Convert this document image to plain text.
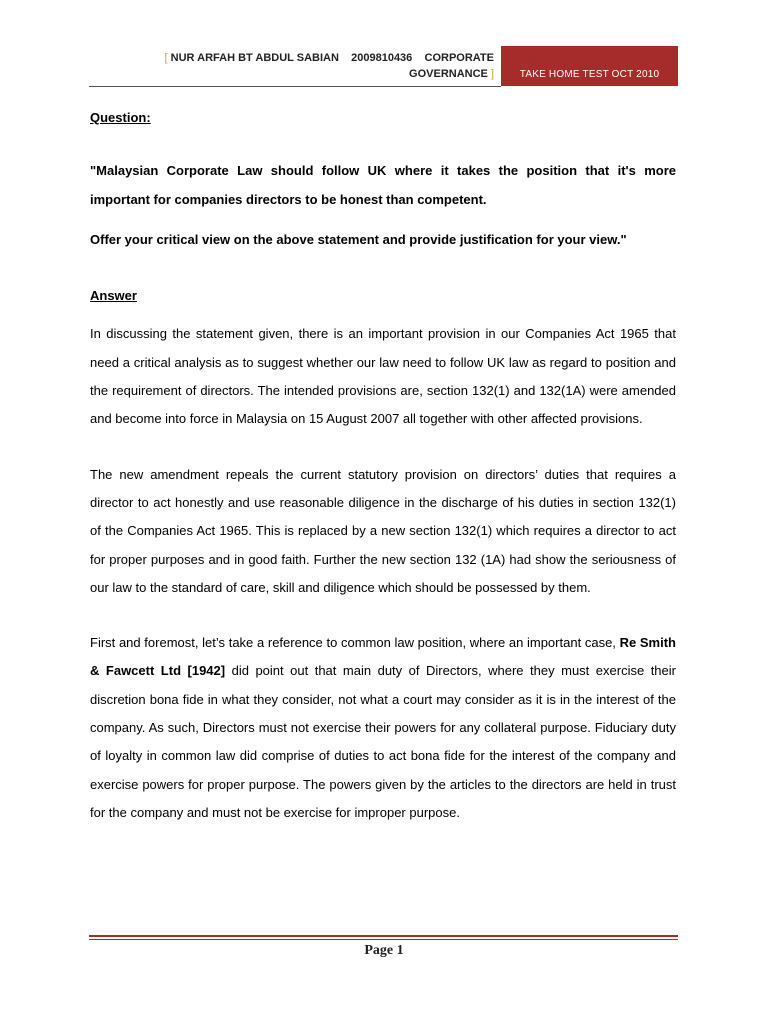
[ NUR ARFAH BT ABDUL SABIAN    2009810436    CORPORATE
GOVERNANCE ]	TAKE HOME TEST OCT 2010

Question:

"Malaysian Corporate Law should follow UK where it takes the position that it's more important for companies directors to be honest than competent.

Offer your critical view on the above statement and provide justification for your view."

Answer

In discussing the statement given, there is an important provision in our Companies Act 1965 that need a critical analysis as to suggest whether our law need to follow UK law as regard to position and the requirement of directors. The intended provisions are, section 132(1) and 132(1A) were amended and become into force in Malaysia on 15 August 2007 all together with other affected provisions.

The new amendment repeals the current statutory provision on directors’ duties that requires a director to act honestly and use reasonable diligence in the discharge of his duties in section 132(1) of the Companies Act 1965. This is replaced by a new section 132(1) which requires a director to act for proper purposes and in good faith. Further the new section 132 (1A) had show the seriousness of our law to the standard of care, skill and diligence which should be possessed by them.

First and foremost, let’s take a reference to common law position, where an important case, Re Smith & Fawcett Ltd [1942] did point out that main duty of Directors, where they must exercise their discretion bona fide in what they consider, not what a court may consider as it is in the interest of the company. As such, Directors must not exercise their powers for any collateral purpose. Fiduciary duty of loyalty in common law did comprise of duties to act bona fide for the interest of the company and exercise powers for proper purpose. The powers given by the articles to the directors are held in trust for the company and must not be exercise for improper purpose.

Page 1
